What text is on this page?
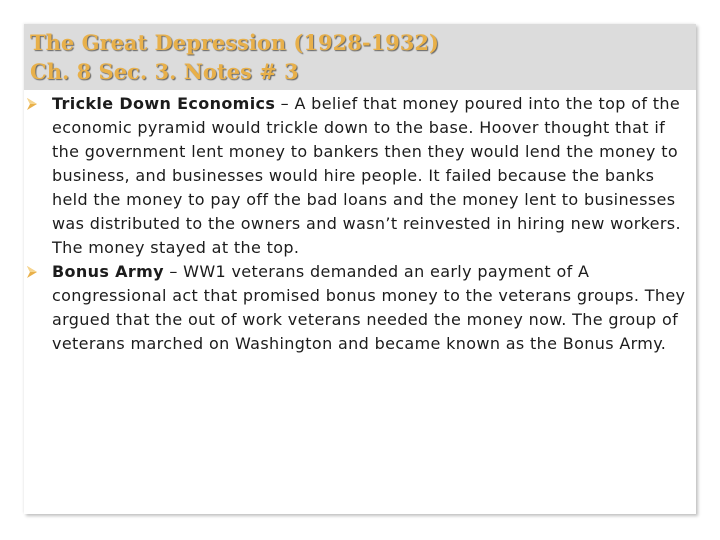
The Great Depression (1928-1932)
Ch. 8 Sec. 3. Notes # 3
Trickle Down Economics – A belief that money poured into the top of the economic pyramid would trickle down to the base. Hoover thought that if the government lent money to bankers then they would lend the money to business, and businesses would hire people. It failed because the banks held the money to pay off the bad loans and the money lent to businesses was distributed to the owners and wasn’t reinvested in hiring new workers. The money stayed at the top.
Bonus Army – WW1 veterans demanded an early payment of A congressional act that promised bonus money to the veterans groups. They argued that the out of work veterans needed the money now. The group of veterans marched on Washington and became known as the Bonus Army.
